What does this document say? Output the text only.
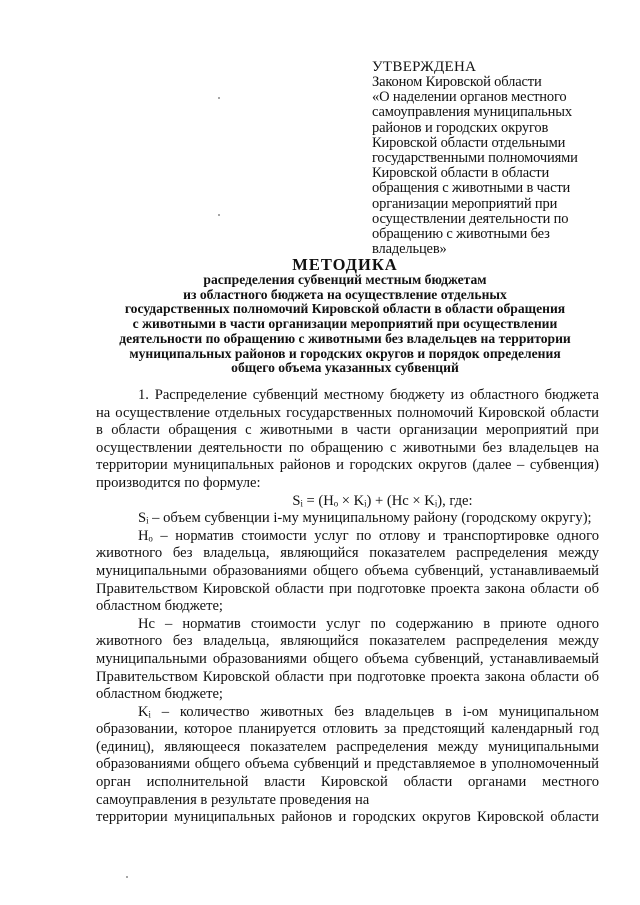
УТВЕРЖДЕНА
Законом Кировской области
«О наделении органов местного
самоуправления муниципальных
районов и городских округов
Кировской области отдельными
государственными полномочиями
Кировской области в области
обращения с животными в части
организации мероприятий при
осуществлении деятельности по
обращению с животными без
владельцев»
МЕТОДИКА
распределения субвенций местным бюджетам
из областного бюджета на осуществление отдельных
государственных полномочий Кировской области в области обращения
с животными в части организации мероприятий при осуществлении
деятельности по обращению с животными без владельцев на территории
муниципальных районов и городских округов и порядок определения
общего объема указанных субвенций
1. Распределение субвенций местному бюджету из областного бюджета на осуществление отдельных государственных полномочий Кировской области в области обращения с животными в части организации мероприятий при осуществлении деятельности по обращению с животными без владельцев на территории муниципальных районов и городских округов (далее – субвенция) производится по формуле:
Sᵢ = (Hₒ × Kᵢ) + (Hc × Kᵢ), где:
Sᵢ – объем субвенции i-му муниципальному району (городскому округу);
Hₒ – норматив стоимости услуг по отлову и транспортировке одного животного без владельца, являющийся показателем распределения между муниципальными образованиями общего объема субвенций, устанавливаемый Правительством Кировской области при подготовке проекта закона области об областном бюджете;
Hc – норматив стоимости услуг по содержанию в приюте одного животного без владельца, являющийся показателем распределения между муниципальными образованиями общего объема субвенций, устанавливаемый Правительством Кировской области при подготовке проекта закона области об областном бюджете;
Kᵢ – количество животных без владельцев в i-ом муниципальном образовании, которое планируется отловить за предстоящий календарный год (единиц), являющееся показателем распределения между муниципальными образованиями общего объема субвенций и представляемое в уполномоченный орган исполнительной власти Кировской области органами местного самоуправления в результате проведения на
территории муниципальных районов и городских округов Кировской области
